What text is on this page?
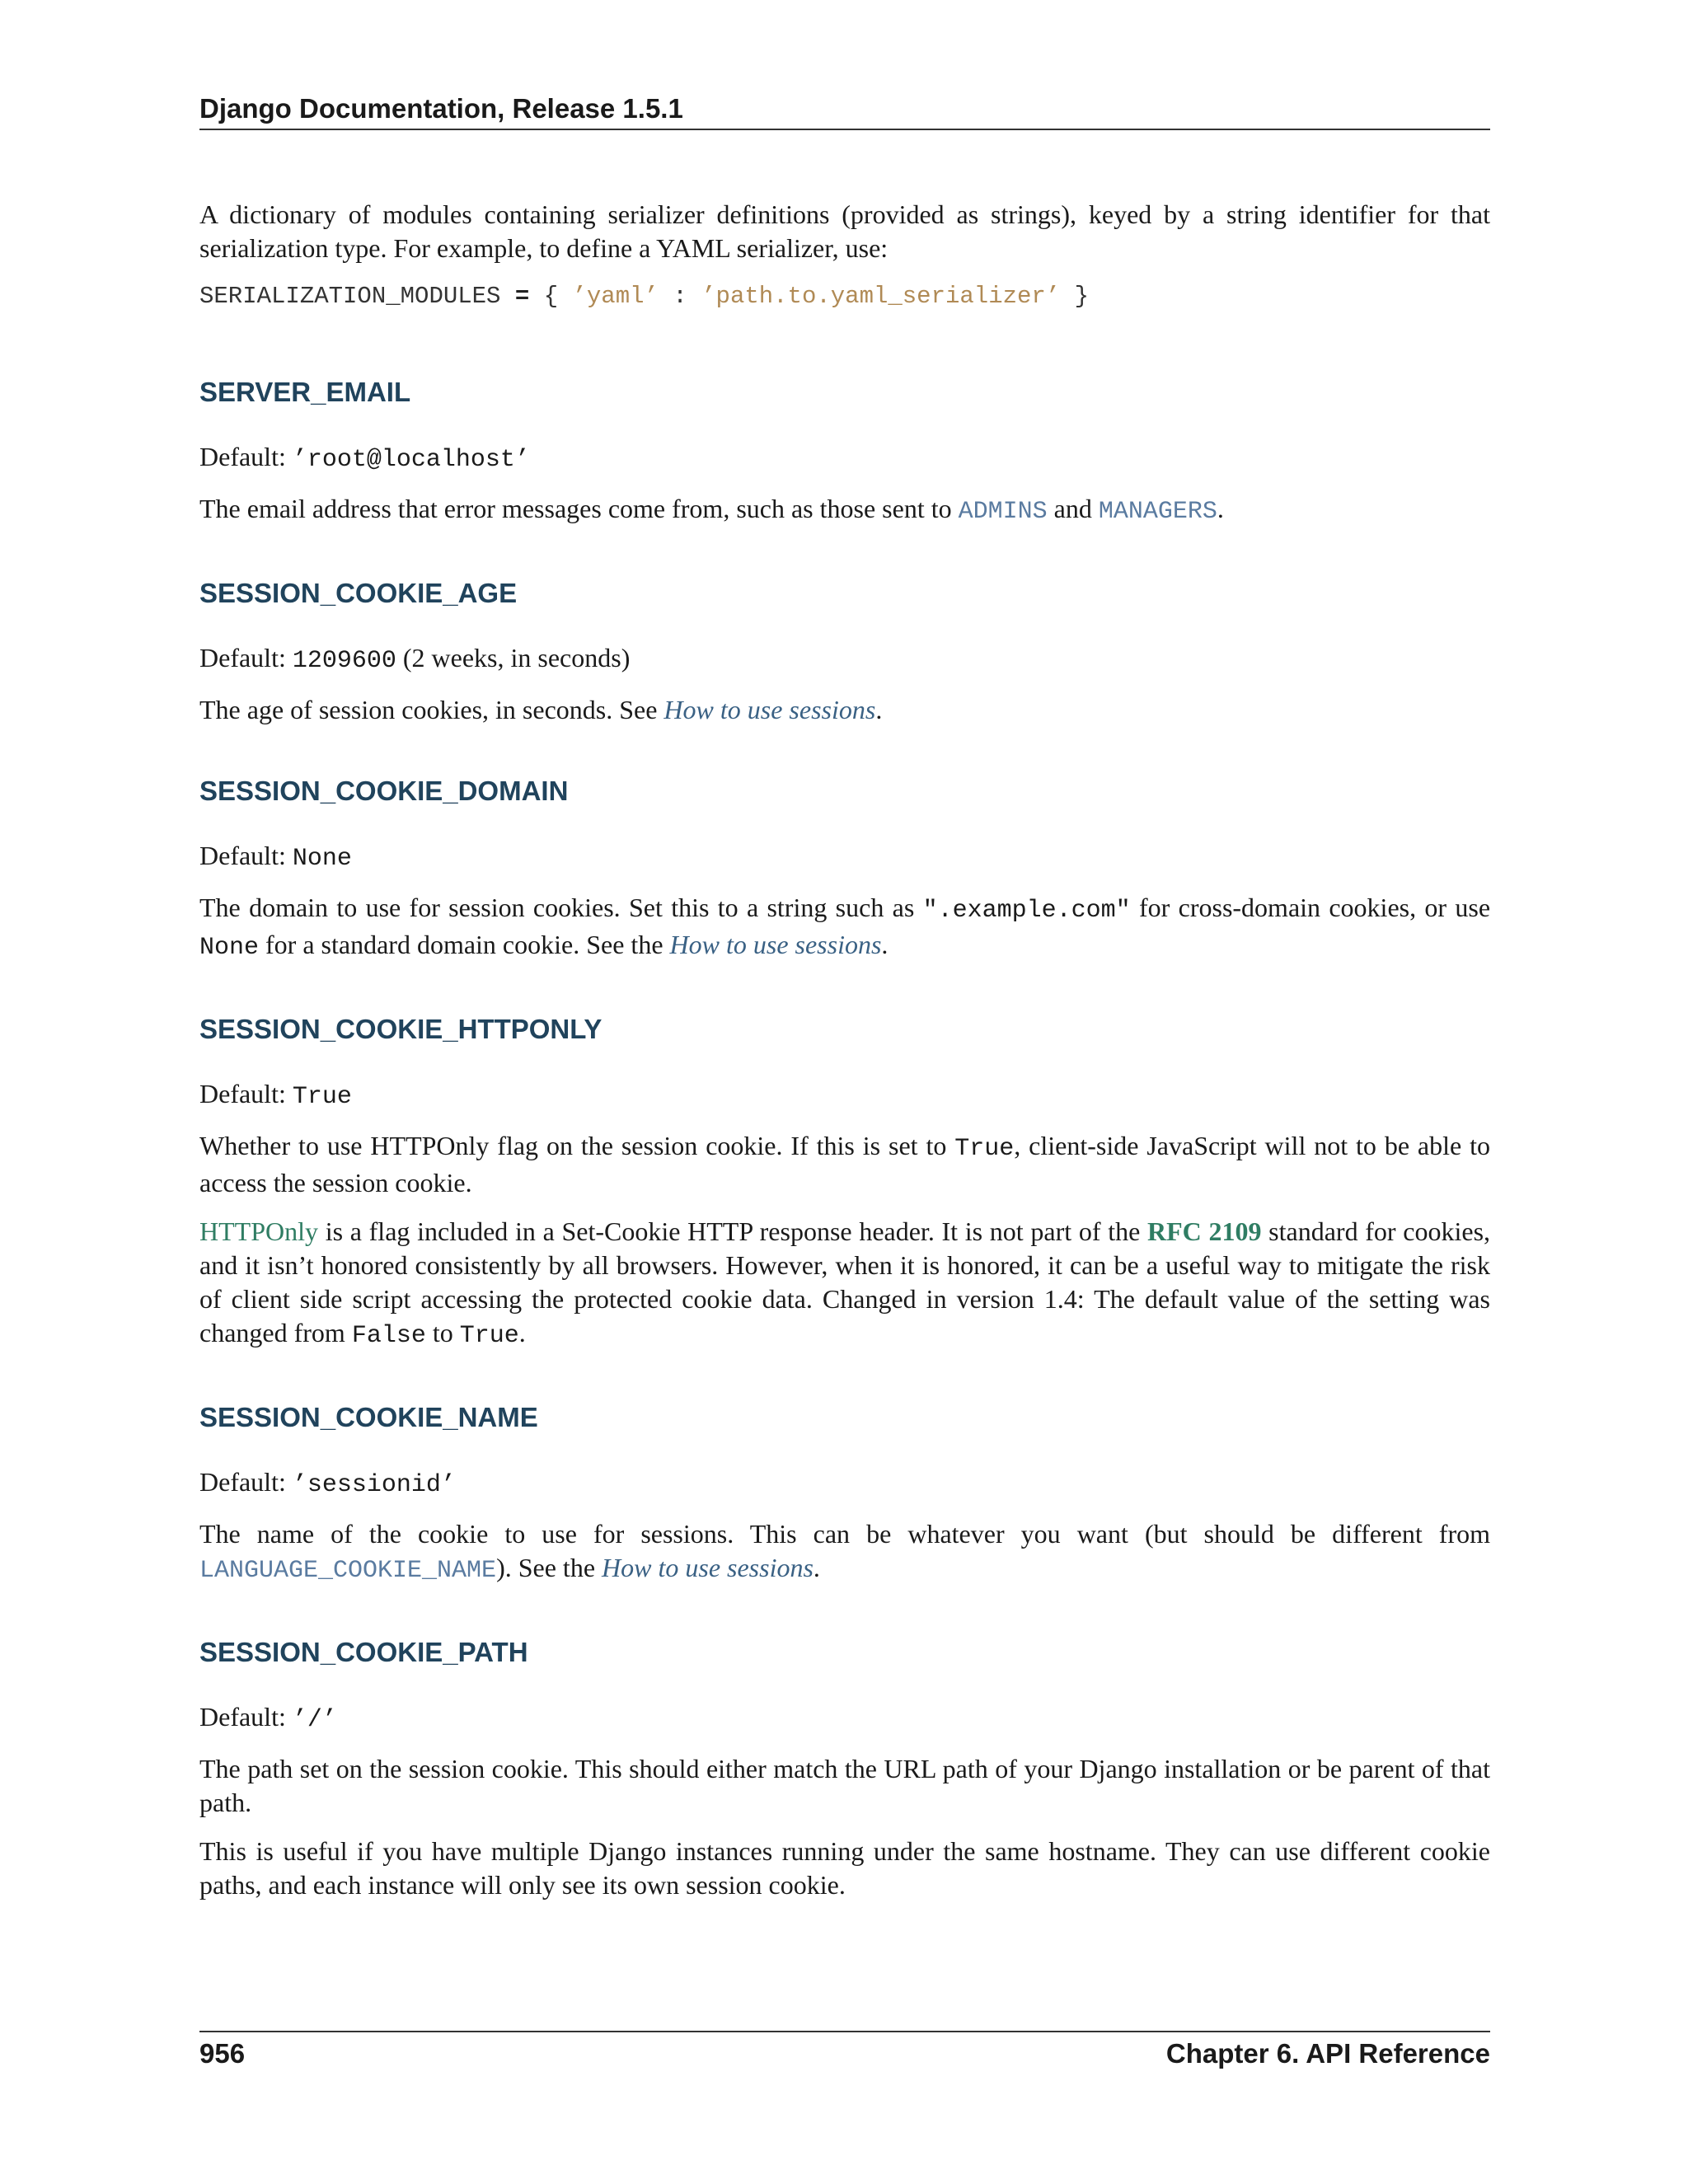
Django Documentation, Release 1.5.1

A dictionary of modules containing serializer definitions (provided as strings), keyed by a string identifier for that serialization type. For example, to define a YAML serializer, use:

SERIALIZATION_MODULES = { ’yaml’ : ’path.to.yaml_serializer’ }
SERVER_EMAIL

Default: ’root@localhost’

The email address that error messages come from, such as those sent to ADMINS and MANAGERS.

SESSION_COOKIE_AGE

Default: 1209600 (2 weeks, in seconds)

The age of session cookies, in seconds. See How to use sessions.

SESSION_COOKIE_DOMAIN

Default: None

The domain to use for session cookies. Set this to a string such as ".example.com" for cross-domain cookies, or use None for a standard domain cookie. See the How to use sessions.

SESSION_COOKIE_HTTPONLY

Default: True

Whether to use HTTPOnly flag on the session cookie. If this is set to True, client-side JavaScript will not to be able to access the session cookie.

HTTPOnly is a flag included in a Set-Cookie HTTP response header. It is not part of the RFC 2109 standard for cookies, and it isn’t honored consistently by all browsers. However, when it is honored, it can be a useful way to mitigate the risk of client side script accessing the protected cookie data. Changed in version 1.4: The default value of the setting was changed from False to True.

SESSION_COOKIE_NAME

Default: ’sessionid’

The name of the cookie to use for sessions. This can be whatever you want (but should be different from LANGUAGE_COOKIE_NAME). See the How to use sessions.

SESSION_COOKIE_PATH

Default: ’/’

The path set on the session cookie. This should either match the URL path of your Django installation or be parent of that path.

This is useful if you have multiple Django instances running under the same hostname. They can use different cookie paths, and each instance will only see its own session cookie.

956	Chapter 6. API Reference
